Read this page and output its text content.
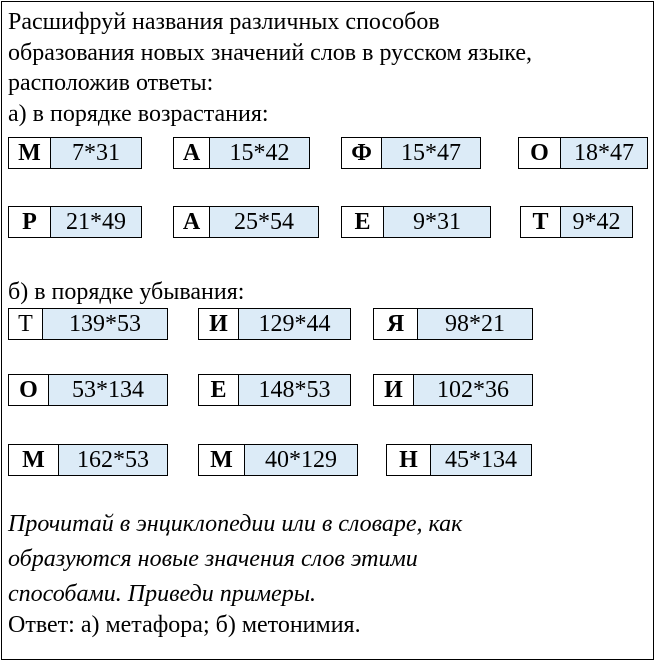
Расшифруй названия различных способов
образования новых значений слов в русском языке,
расположив ответы:
а) в порядке возрастания:
М	7*31	А	15*42	Ф	15*47	О	18*47
Р	21*49	А	25*54	Е	9*31	Т	9*42
б) в порядке убывания:
Т	139*53	И	129*44	Я	98*21
О	53*134	Е	148*53	И	102*36
М	162*53	М	40*129	Н	45*134
Прочитай в энциклопедии или в словаре, как
образуются новые значения слов этими
способами. Приведи примеры.
Ответ: а) метафора; б) метонимия.
